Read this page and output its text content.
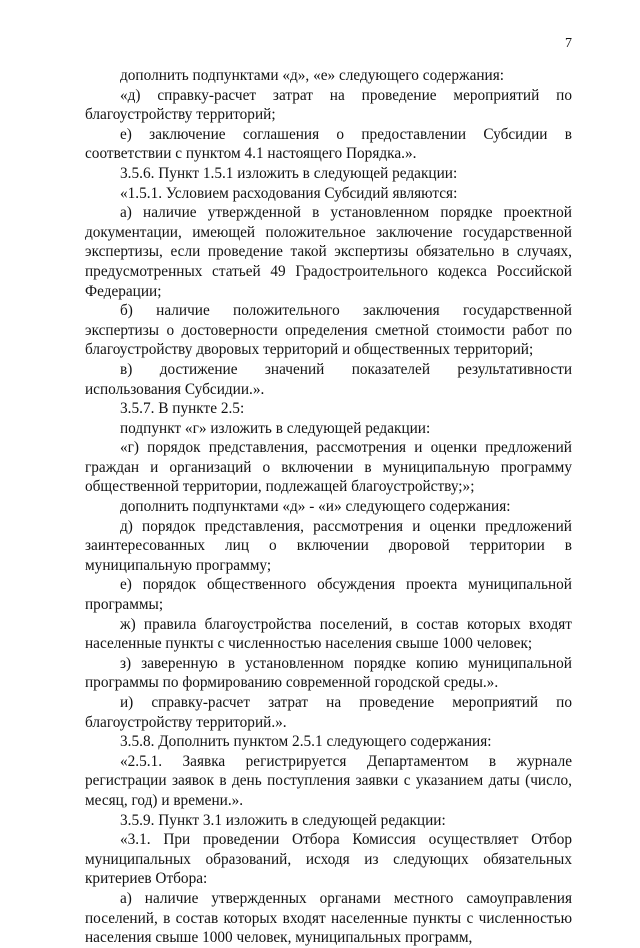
7

дополнить подпунктами «д», «е» следующего содержания:

«д) справку-расчет затрат на проведение мероприятий по благоустройству территорий;

е) заключение соглашения о предоставлении Субсидии в соответствии с пунктом 4.1 настоящего Порядка.».

3.5.6. Пункт 1.5.1 изложить в следующей редакции:

«1.5.1. Условием расходования Субсидий являются:

а) наличие утвержденной в установленном порядке проектной документации, имеющей положительное заключение государственной экспертизы, если проведение такой экспертизы обязательно в случаях, предусмотренных статьей 49 Градостроительного кодекса Российской Федерации;

б) наличие положительного заключения государственной экспертизы о достоверности определения сметной стоимости работ по благоустройству дворовых территорий и общественных территорий;

в) достижение значений показателей результативности использования Субсидии.».

3.5.7. В пункте 2.5:

подпункт «г» изложить в следующей редакции:

«г) порядок представления, рассмотрения и оценки предложений граждан и организаций о включении в муниципальную программу общественной территории, подлежащей благоустройству;»;

дополнить подпунктами «д» - «и» следующего содержания:

д) порядок представления, рассмотрения и оценки предложений заинтересованных лиц о включении дворовой территории в муниципальную программу;

е) порядок общественного обсуждения проекта муниципальной программы;

ж) правила благоустройства поселений, в состав которых входят населенные пункты с численностью населения свыше 1000 человек;

з) заверенную в установленном порядке копию муниципальной программы по формированию современной городской среды.».

и) справку-расчет затрат на проведение мероприятий по благоустройству территорий.».

3.5.8. Дополнить пунктом 2.5.1 следующего содержания:

«2.5.1. Заявка регистрируется Департаментом в журнале регистрации заявок в день поступления заявки с указанием даты (число, месяц, год) и времени.».

3.5.9. Пункт 3.1 изложить в следующей редакции:

«3.1. При проведении Отбора Комиссия осуществляет Отбор муниципальных образований, исходя из следующих обязательных критериев Отбора:

а) наличие утвержденных органами местного самоуправления поселений, в состав которых входят населенные пункты с численностью населения свыше 1000 человек, муниципальных программ,
